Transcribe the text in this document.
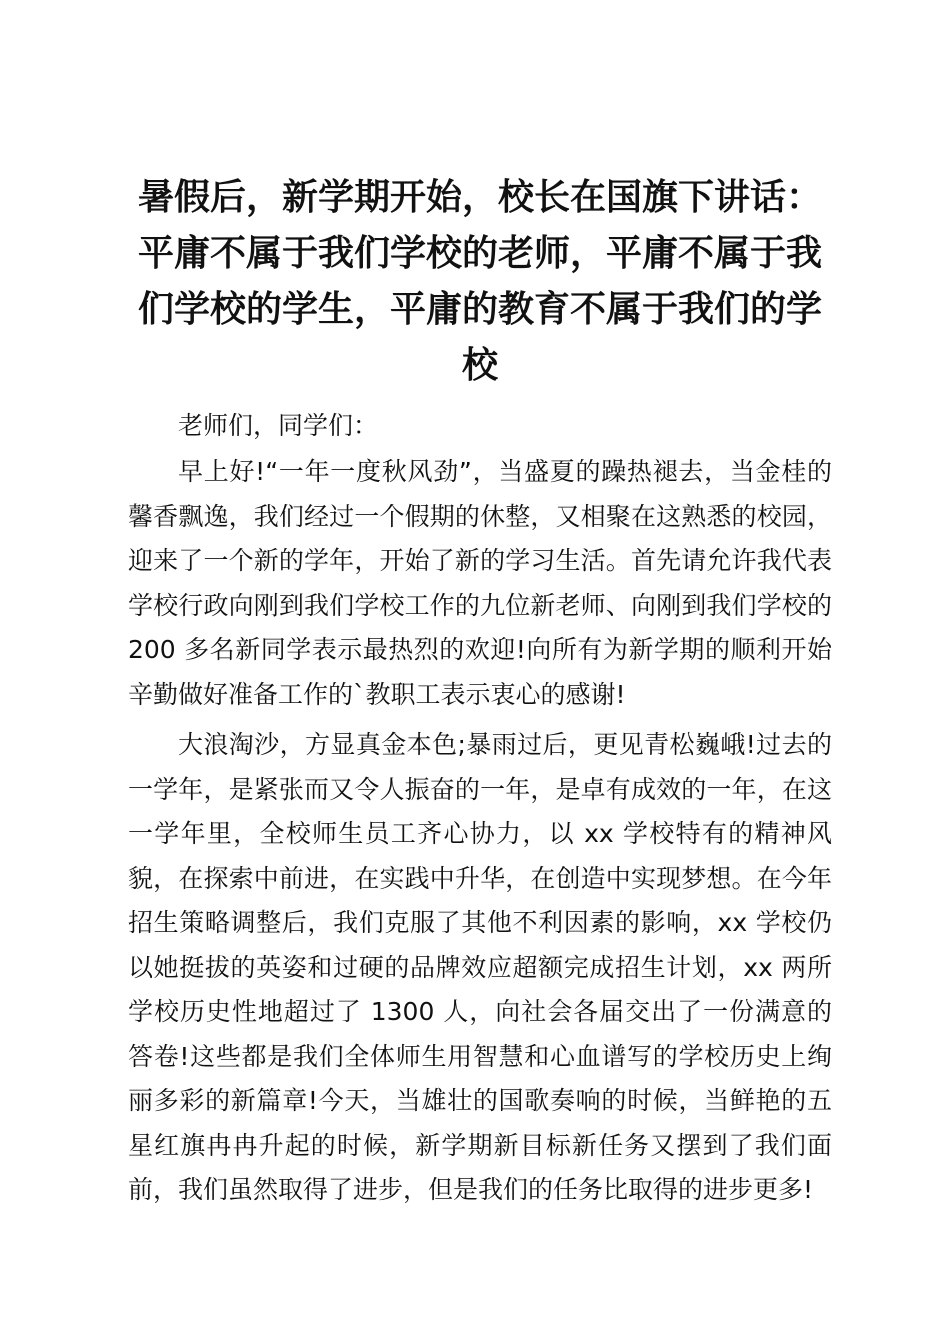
暑假后，新学期开始，校长在国旗下讲话：平庸不属于我们学校的老师，平庸不属于我们学校的学生，平庸的教育不属于我们的学校

老师们，同学们：

早上好!“一年一度秋风劲”，当盛夏的躁热褪去，当金桂的馨香飘逸，我们经过一个假期的休整，又相聚在这熟悉的校园，迎来了一个新的学年，开始了新的学习生活。首先请允许我代表学校行政向刚到我们学校工作的九位新老师、向刚到我们学校的 200 多名新同学表示最热烈的欢迎!向所有为新学期的顺利开始辛勤做好准备工作的`教职工表示衷心的感谢!

大浪淘沙，方显真金本色;暴雨过后，更见青松巍峨!过去的一学年，是紧张而又令人振奋的一年，是卓有成效的一年，在这一学年里，全校师生员工齐心协力，以 xx 学校特有的精神风貌，在探索中前进，在实践中升华，在创造中实现梦想。在今年招生策略调整后，我们克服了其他不利因素的影响，xx 学校仍以她挺拔的英姿和过硬的品牌效应超额完成招生计划，xx 两所学校历史性地超过了 1300 人，向社会各届交出了一份满意的答卷!这些都是我们全体师生用智慧和心血谱写的学校历史上绚丽多彩的新篇章!今天，当雄壮的国歌奏响的时候，当鲜艳的五星红旗冉冉升起的时候，新学期新目标新任务又摆到了我们面前，我们虽然取得了进步，但是我们的任务比取得的进步更多!
